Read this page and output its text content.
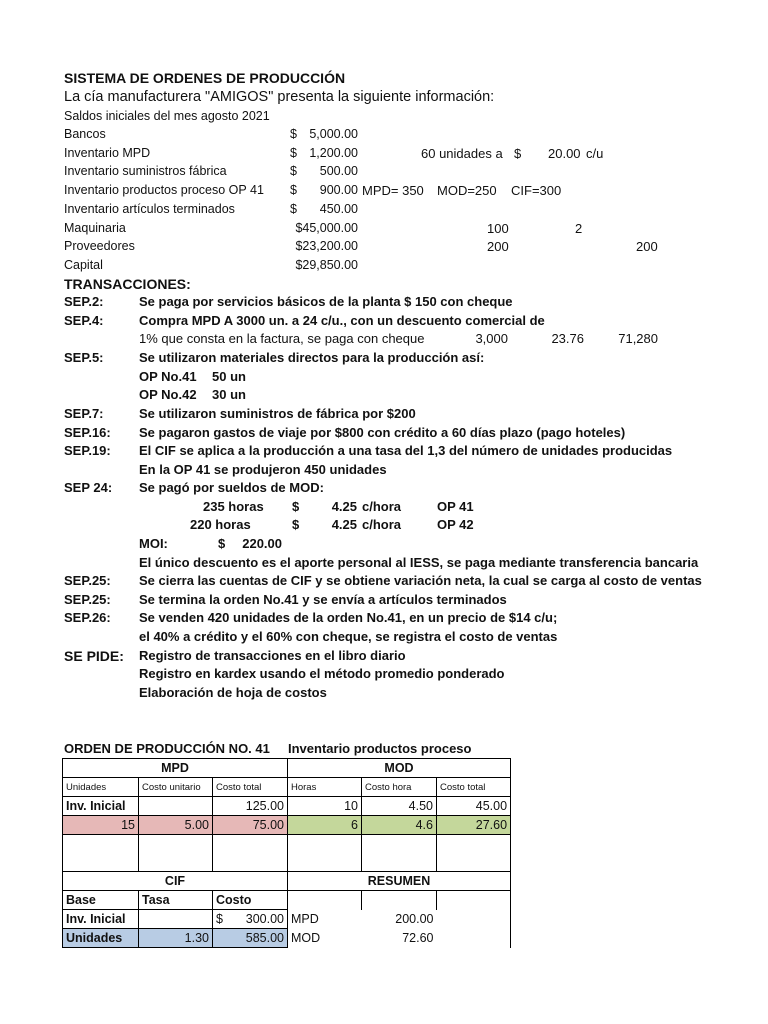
SISTEMA DE ORDENES DE PRODUCCIÓN
La cía manufacturera "AMIGOS" presenta la siguiente información:
Saldos iniciales del mes agosto 2021
Bancos	$ 5,000.00
Inventario MPD	$ 1,200.00	60 unidades a $ 20.00 c/u
Inventario suministros fábrica	$	500.00
Inventario productos proceso OP 41 $	900.00 MPD= 350 MOD=250 CIF=300
Inventario artículos terminados	$	450.00
Maquinaria	$45,000.00	100	2
Proveedores	$23,200.00	200	200
Capital	$29,850.00
TRANSACCIONES:
SEP.2:	Se paga por servicios básicos de la planta $ 150 con cheque
SEP.4:	Compra MPD A 3000 un. a 24 c/u., con un descuento comercial de
1% que consta en la factura, se paga con cheque	3,000	23.76	71,280
SEP.5:	Se utilizaron materiales directos para la producción así:
OP No.41 50 un
OP No.42 30 un
SEP.7:	Se utilizaron suministros de fábrica por $200
SEP.16: Se pagaron gastos de viaje por $800 con crédito a 60 días plazo (pago hoteles)
SEP.19: El CIF se aplica a la producción a una tasa del 1,3 del número de unidades producidas
En la OP 41 se produjeron 450 unidades
SEP 24: Se pagó por sueldos de MOD:
235 horas $	4.25 c/hora	OP 41
220 horas	$	4.25 c/hora	OP 42
MOI:	$	220.00
El único descuento es el aporte personal al IESS, se paga mediante transferencia bancaria
SEP.25: Se cierra las cuentas de CIF y se obtiene variación neta, la cual se carga al costo de ventas
SEP.25: Se termina la orden No.41 y se envía a artículos terminados
SEP.26: Se venden 420 unidades de la orden No.41, en un precio de $14 c/u;
el 40% a crédito y el 60% con cheque, se registra el costo de ventas
SE PIDE: Registro de transacciones en el libro diario
Registro en kardex usando el método promedio ponderado
Elaboración de hoja de costos
ORDEN DE PRODUCCIÓN NO. 41 Inventario productos proceso
MPD			MOD		
Unidades	Costo unitario	Costo total	Horas	Costo hora	Costo total
Inv. Inicial		125.00	10	4.50	45.00
15	5.00	75.00	6	4.6	27.60

CIF			RESUMEN		
Base	Tasa	Costo			
Inv. Inicial		$ 300.00	MPD	200.00	
Unidades	1.30	585.00	MOD	72.60	
